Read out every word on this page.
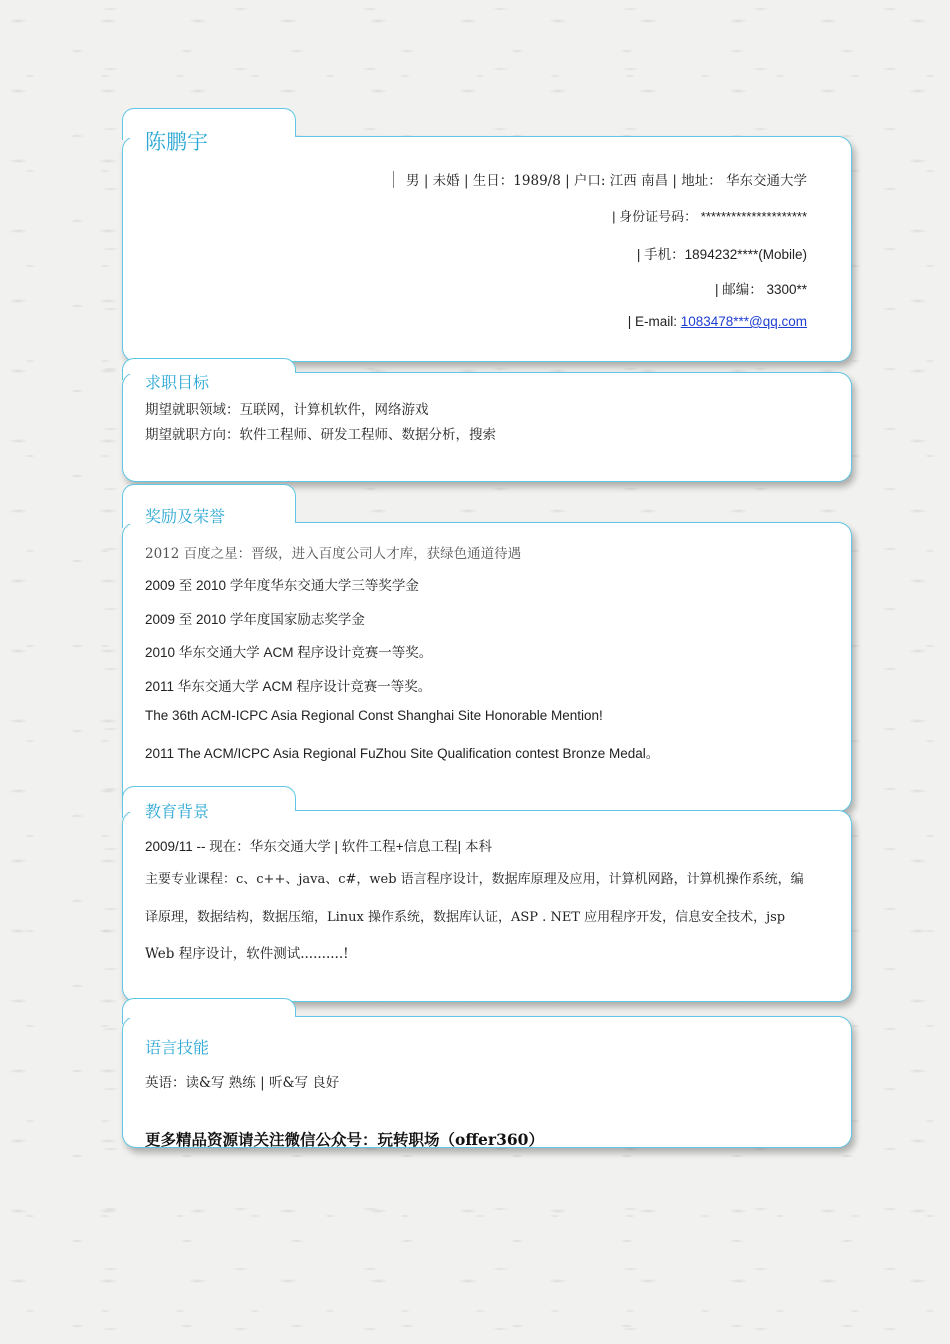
陈鹏宇
男 | 未婚 | 生日：1989/8 | 户口: 江西 南昌 | 地址： 华东交通大学
| 身份证号码： *********************
| 手机：1894232****(Mobile)
| 邮编： 3300**
| E-mail: 1083478***@qq.com
求职目标
期望就职领域：互联网，计算机软件，网络游戏
期望就职方向：软件工程师、研发工程师、数据分析，搜索
奖励及荣誉
2012 百度之星：晋级，进入百度公司人才库，获绿色通道待遇
2009 至 2010 学年度华东交通大学三等奖学金
2009 至 2010 学年度国家励志奖学金
2010 华东交通大学 ACM 程序设计竞赛一等奖。
2011 华东交通大学 ACM 程序设计竞赛一等奖。
The 36th ACM-ICPC Asia Regional Const Shanghai Site Honorable Mention!
2011 The ACM/ICPC Asia Regional FuZhou Site Qualification contest Bronze Medal。
教育背景
2009/11 -- 现在：华东交通大学 | 软件工程+信息工程| 本科
主要专业课程：c、c++、java、c#，web 语言程序设计，数据库原理及应用，计算机网路，计算机操作系统，编
译原理，数据结构，数据压缩，Linux 操作系统，数据库认证，ASP . NET 应用程序开发，信息安全技术，jsp
Web 程序设计，软件测试..........!
语言技能
英语：读&写 熟练 | 听&写 良好
更多精品资源请关注微信公众号：玩转职场（offer360）
